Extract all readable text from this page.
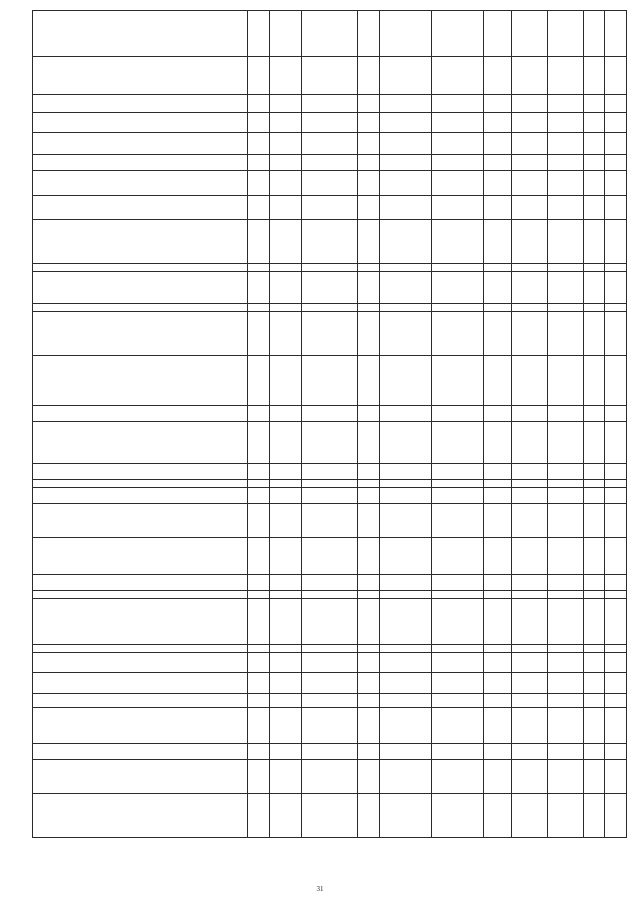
31
